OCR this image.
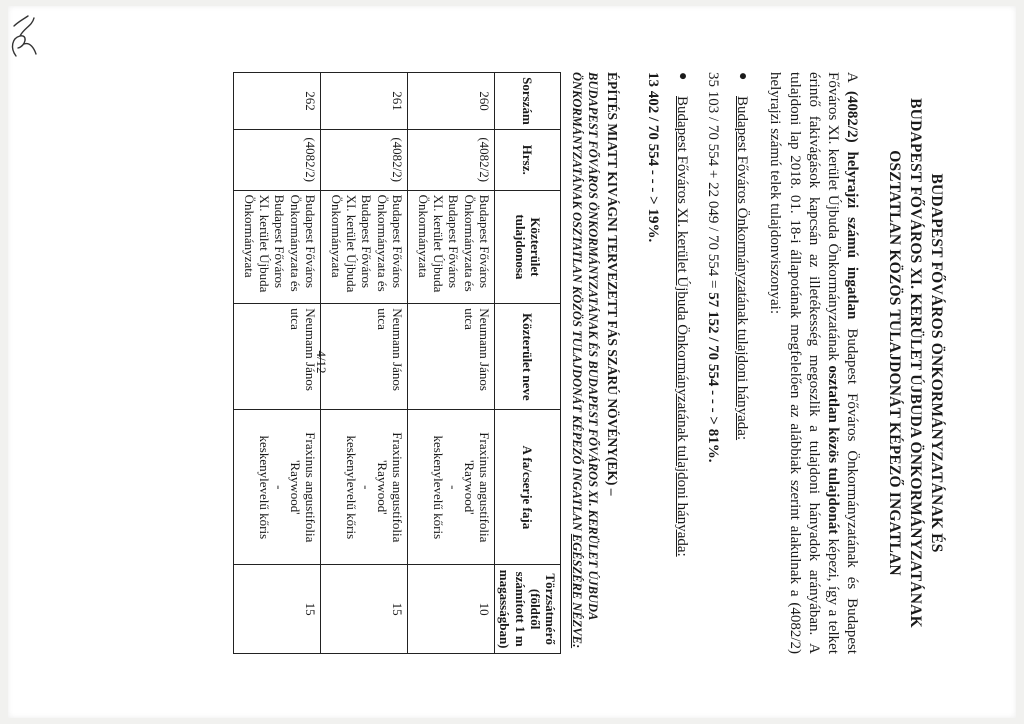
BUDAPEST FŐVÁROS ÖNKORMÁNYZATÁNAK ÉS
BUDAPEST FŐVÁROS XI. KERÜLET ÚJBUDA ÖNKORMÁNYZATÁNAK
OSZTATLAN KÖZÖS TULAJDONÁT KÉPEZŐ INGATLAN

A (4082/2) helyrajzi számú ingatlan Budapest Főváros Önkormányzatának és Budapest Főváros XI. kerület Újbuda Önkormányzatának osztatlan közös tulajdonát képezi, így a telket érintő fakivágások kapcsán az illetékesség megoszlik a tulajdoni hányadok arányában. A tulajdoni lap 2018. 01. 18-i állapotának megfelelően az alábbiak szerint alakulnak a (4082/2) helyrajzi számú telek tulajdonviszonyai:

●
Budapest Főváros Önkormányzatának tulajdoni hányada:

35 103 / 70 554 + 22 049 / 70 554 = 57 152 / 70 554 - - - > 81%.

●
Budapest Főváros XI. kerület Újbuda Önkormányzatának tulajdoni hányada:

13 402 / 70 554 - - - > 19%.

ÉPÍTÉS MIATT KIVÁGNI TERVEZETT FÁS SZÁRÚ NÖVÉNY(EK) –
BUDAPEST FŐVÁROS ÖNKORMÁNYZATÁNAK ÉS BUDAPEST FŐVÁROS XI. KERÜLET ÚJBUDA
ÖNKORMÁNYZATÁNAK OSZTATLAN KÖZÖS TULAJDONÁT KÉPEZŐ INGATLAN EGÉSZÉRE NÉZVE:
Sorszám	Hrsz.	Közterület tulajdonosa	Közterület neve	A fa/cserje faja	Törzsátmérő (földtől számított 1 m magasságban)
260	(4082/2)	Budapest Főváros Önkormányzata és Budapest Főváros XI. kerület Újbuda Önkormányzata	Neumann János utca	Fraxinus angustifolia 'Raywood'
-
keskenylevelű kőris	10
261	(4082/2)	Budapest Főváros Önkormányzata és Budapest Főváros XI. kerület Újbuda Önkormányzata	Neumann János utca	Fraxinus angustifolia 'Raywood'
-
keskenylevelű kőris	15
262	(4082/2)	Budapest Főváros Önkormányzata és Budapest Főváros XI. kerület Újbuda Önkormányzata	Neumann János utca	Fraxinus angustifolia 'Raywood'
-
keskenylevelű kőris	15
4/12
